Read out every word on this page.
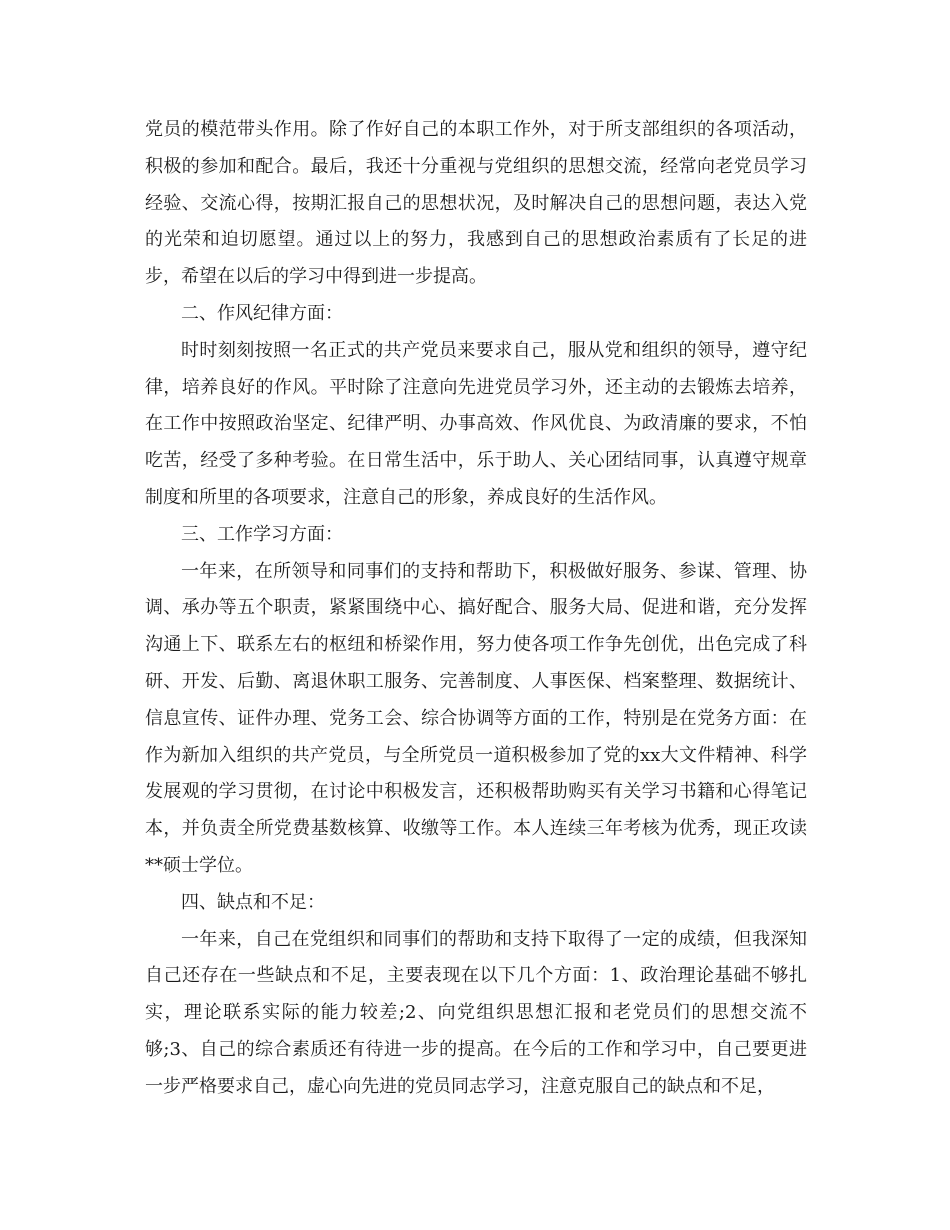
党员的模范带头作用。除了作好自己的本职工作外，对于所支部组织的各项活动，积极的参加和配合。最后，我还十分重视与党组织的思想交流，经常向老党员学习经验、交流心得，按期汇报自己的思想状况，及时解决自己的思想问题，表达入党的光荣和迫切愿望。通过以上的努力，我感到自己的思想政治素质有了长足的进步，希望在以后的学习中得到进一步提高。

二、作风纪律方面：

时时刻刻按照一名正式的共产党员来要求自己，服从党和组织的领导，遵守纪律，培养良好的作风。平时除了注意向先进党员学习外，还主动的去锻炼去培养，在工作中按照政治坚定、纪律严明、办事高效、作风优良、为政清廉的要求，不怕吃苦，经受了多种考验。在日常生活中，乐于助人、关心团结同事，认真遵守规章制度和所里的各项要求，注意自己的形象，养成良好的生活作风。

三、工作学习方面：

一年来，在所领导和同事们的支持和帮助下，积极做好服务、参谋、管理、协调、承办等五个职责，紧紧围绕中心、搞好配合、服务大局、促进和谐，充分发挥沟通上下、联系左右的枢纽和桥梁作用，努力使各项工作争先创优，出色完成了科研、开发、后勤、离退休职工服务、完善制度、人事医保、档案整理、数据统计、信息宣传、证件办理、党务工会、综合协调等方面的工作，特别是在党务方面：在作为新加入组织的共产党员，与全所党员一道积极参加了党的xx大文件精神、科学发展观的学习贯彻，在讨论中积极发言，还积极帮助购买有关学习书籍和心得笔记本，并负责全所党费基数核算、收缴等工作。本人连续三年考核为优秀，现正攻读**硕士学位。

四、缺点和不足：

一年来，自己在党组织和同事们的帮助和支持下取得了一定的成绩，但我深知自己还存在一些缺点和不足，主要表现在以下几个方面：1、政治理论基础不够扎实，理论联系实际的能力较差;2、向党组织思想汇报和老党员们的思想交流不够;3、自己的综合素质还有待进一步的提高。在今后的工作和学习中，自己要更进一步严格要求自己，虚心向先进的党员同志学习，注意克服自己的缺点和不足，
